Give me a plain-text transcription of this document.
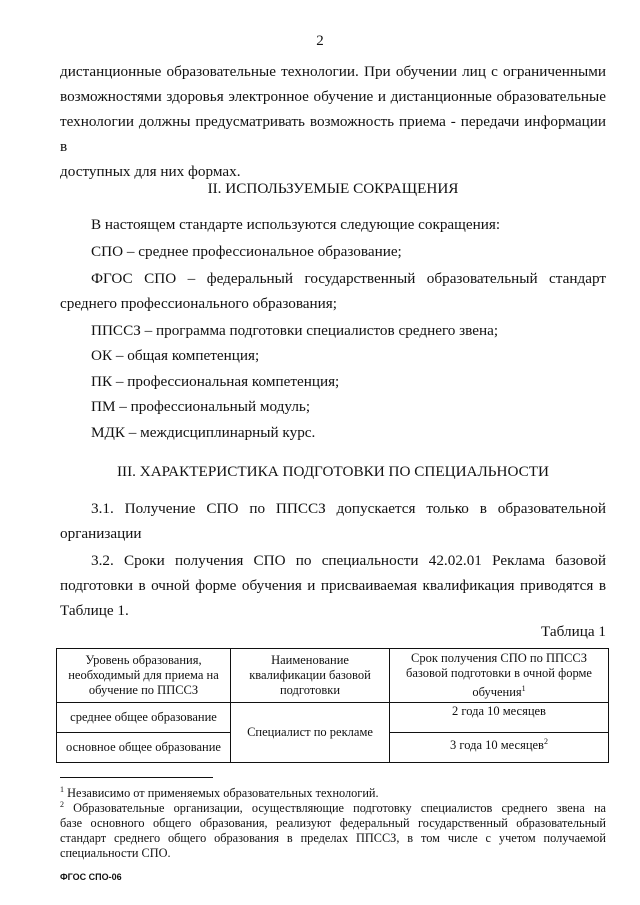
2
дистанционные образовательные технологии. При обучении лиц с ограниченными
возможностями здоровья электронное обучение и дистанционные образовательные
технологии должны предусматривать возможность приема - передачи информации в
доступных для них формах.
II. ИСПОЛЬЗУЕМЫЕ СОКРАЩЕНИЯ
В настоящем стандарте используются следующие сокращения:
СПО – среднее профессиональное образование;
ФГОС СПО – федеральный государственный образовательный стандарт
среднего профессионального образования;
ППССЗ – программа подготовки специалистов среднего звена;
ОК – общая компетенция;
ПК – профессиональная компетенция;
ПМ – профессиональный модуль;
МДК – междисциплинарный курс.
III. ХАРАКТЕРИСТИКА ПОДГОТОВКИ ПО СПЕЦИАЛЬНОСТИ
3.1. Получение СПО по ППССЗ допускается только в образовательной
организации
3.2. Сроки получения СПО по специальности 42.02.01 Реклама базовой
подготовки в очной форме обучения и присваиваемая квалификация приводятся в
Таблице 1.
Таблица 1
Уровень образования, необходимый для приема на обучение по ППССЗ	Наименование квалификации базовой подготовки	Срок получения СПО по ППССЗ базовой подготовки в очной форме обучения$^1$
среднее общее образование	Специалист по рекламе	2 года 10 месяцев
основное общее образование		3 года 10 месяцев$^2$
$^1$ Независимо от применяемых образовательных технологий.
$^2$ Образовательные организации, осуществляющие подготовку специалистов среднего звена на
базе основного общего образования, реализуют федеральный государственный образовательный
стандарт среднего общего образования в пределах ППССЗ, в том числе с учетом получаемой
специальности СПО.
ФГОС СПО-06
